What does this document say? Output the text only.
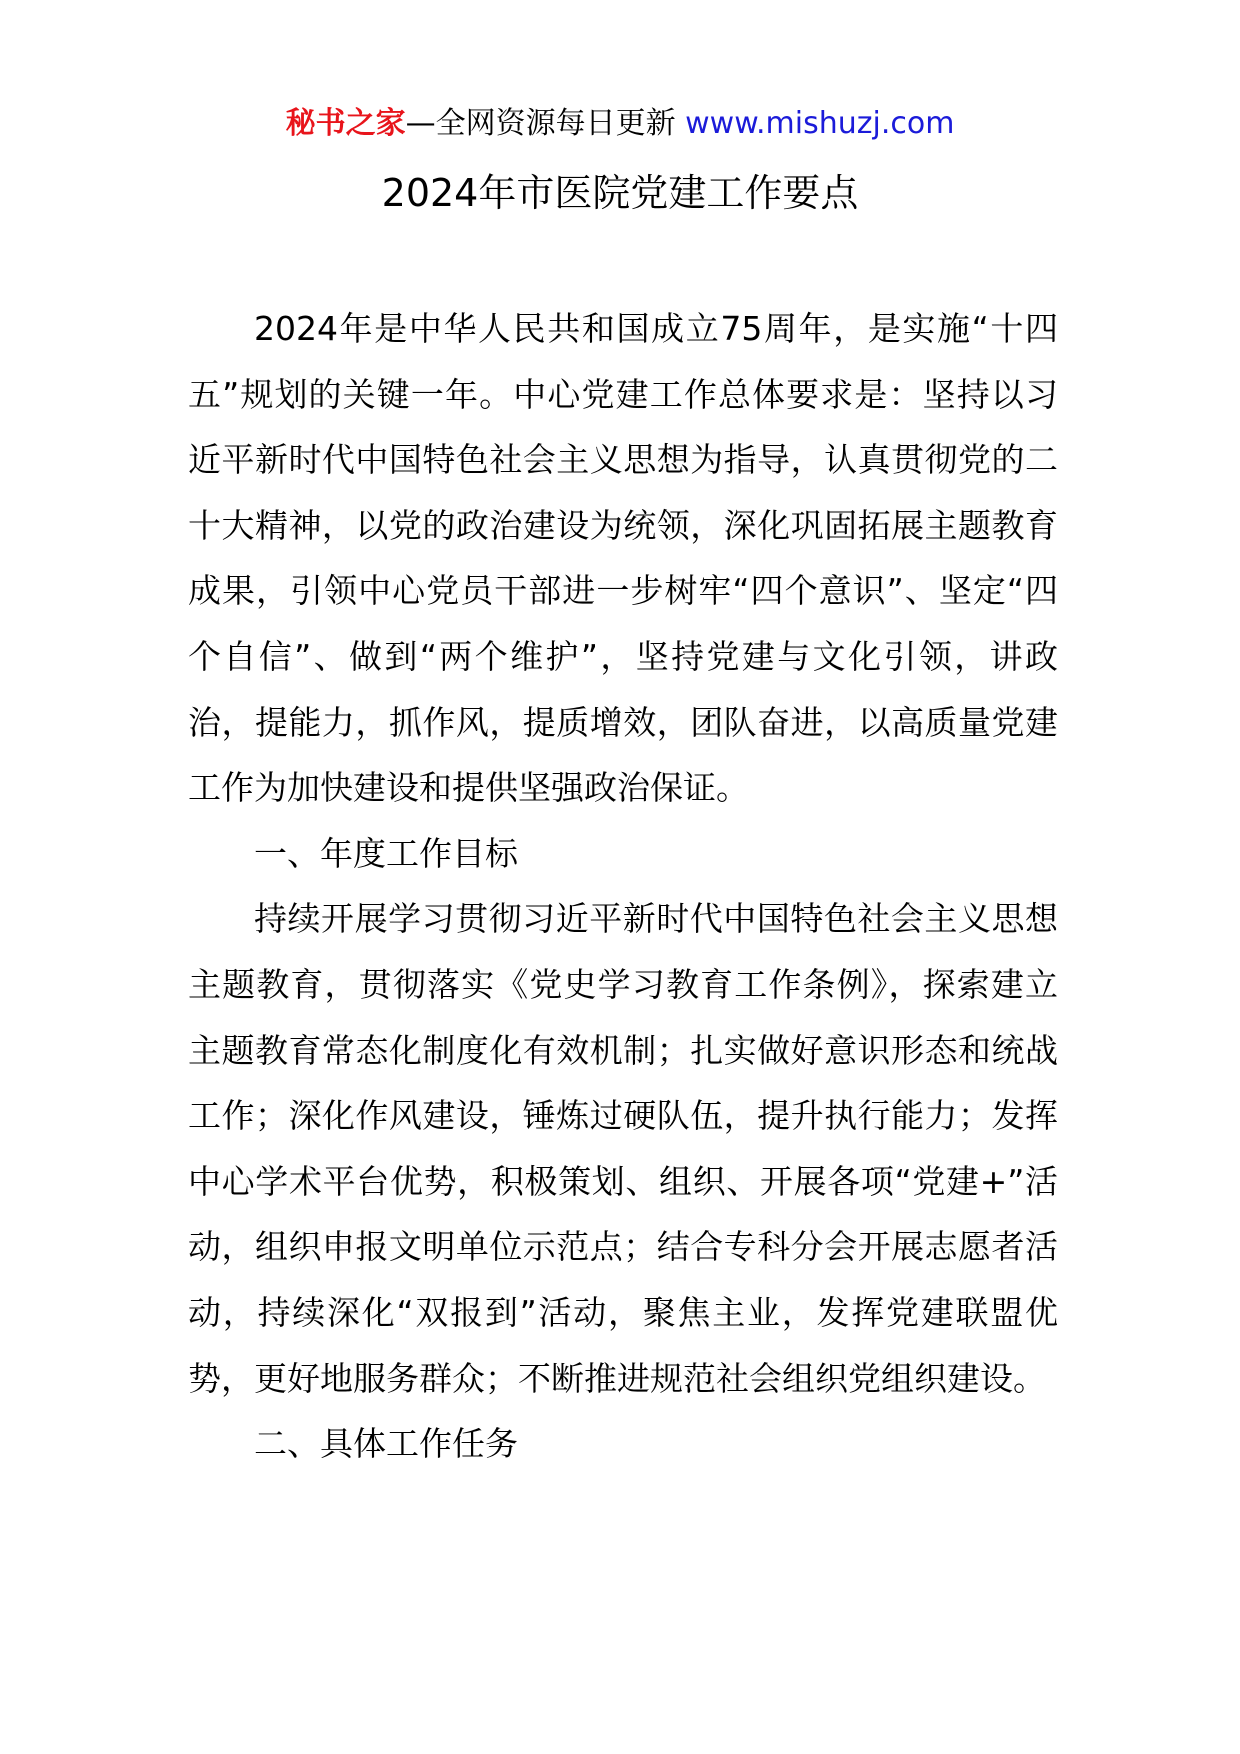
秘书之家—全网资源每日更新 www.mishuzj.com
2024年市医院党建工作要点

2024年是中华人民共和国成立75周年，是实施“十四五”规划的关键一年。中心党建工作总体要求是：坚持以习近平新时代中国特色社会主义思想为指导，认真贯彻党的二十大精神，以党的政治建设为统领，深化巩固拓展主题教育成果，引领中心党员干部进一步树牢“四个意识”、坚定“四个自信”、做到“两个维护”，坚持党建与文化引领，讲政治，提能力，抓作风，提质增效，团队奋进，以高质量党建工作为加快建设和提供坚强政治保证。

一、年度工作目标

持续开展学习贯彻习近平新时代中国特色社会主义思想主题教育，贯彻落实《党史学习教育工作条例》，探索建立主题教育常态化制度化有效机制；扎实做好意识形态和统战工作；深化作风建设，锤炼过硬队伍，提升执行能力；发挥中心学术平台优势，积极策划、组织、开展各项“党建+”活动，组织申报文明单位示范点；结合专科分会开展志愿者活动，持续深化“双报到”活动，聚焦主业，发挥党建联盟优势，更好地服务群众；不断推进规范社会组织党组织建设。

二、具体工作任务
